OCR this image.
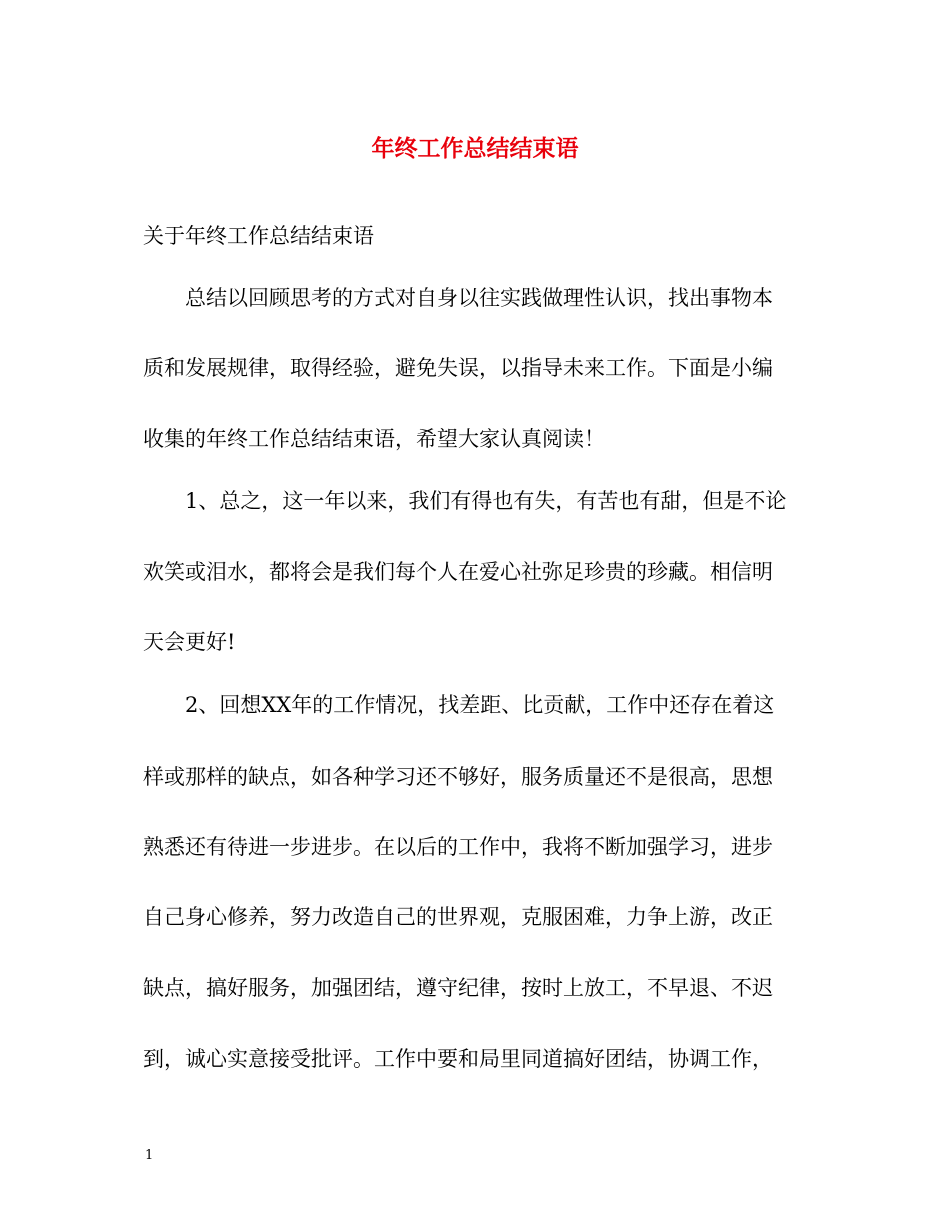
年终工作总结结束语

关于年终工作总结结束语

总结以回顾思考的方式对自身以往实践做理性认识，找出事物本

质和发展规律，取得经验，避免失误，以指导未来工作。下面是小编

收集的年终工作总结结束语，希望大家认真阅读！

1、总之，这一年以来，我们有得也有失，有苦也有甜，但是不论

欢笑或泪水，都将会是我们每个人在爱心社弥足珍贵的珍藏。相信明

天会更好!

2、回想XX年的工作情况，找差距、比贡献，工作中还存在着这

样或那样的缺点，如各种学习还不够好，服务质量还不是很高，思想

熟悉还有待进一步进步。在以后的工作中，我将不断加强学习，进步

自己身心修养，努力改造自己的世界观，克服困难，力争上游，改正

缺点，搞好服务，加强团结，遵守纪律，按时上放工，不早退、不迟

到，诚心实意接受批评。工作中要和局里同道搞好团结，协调工作，

1
